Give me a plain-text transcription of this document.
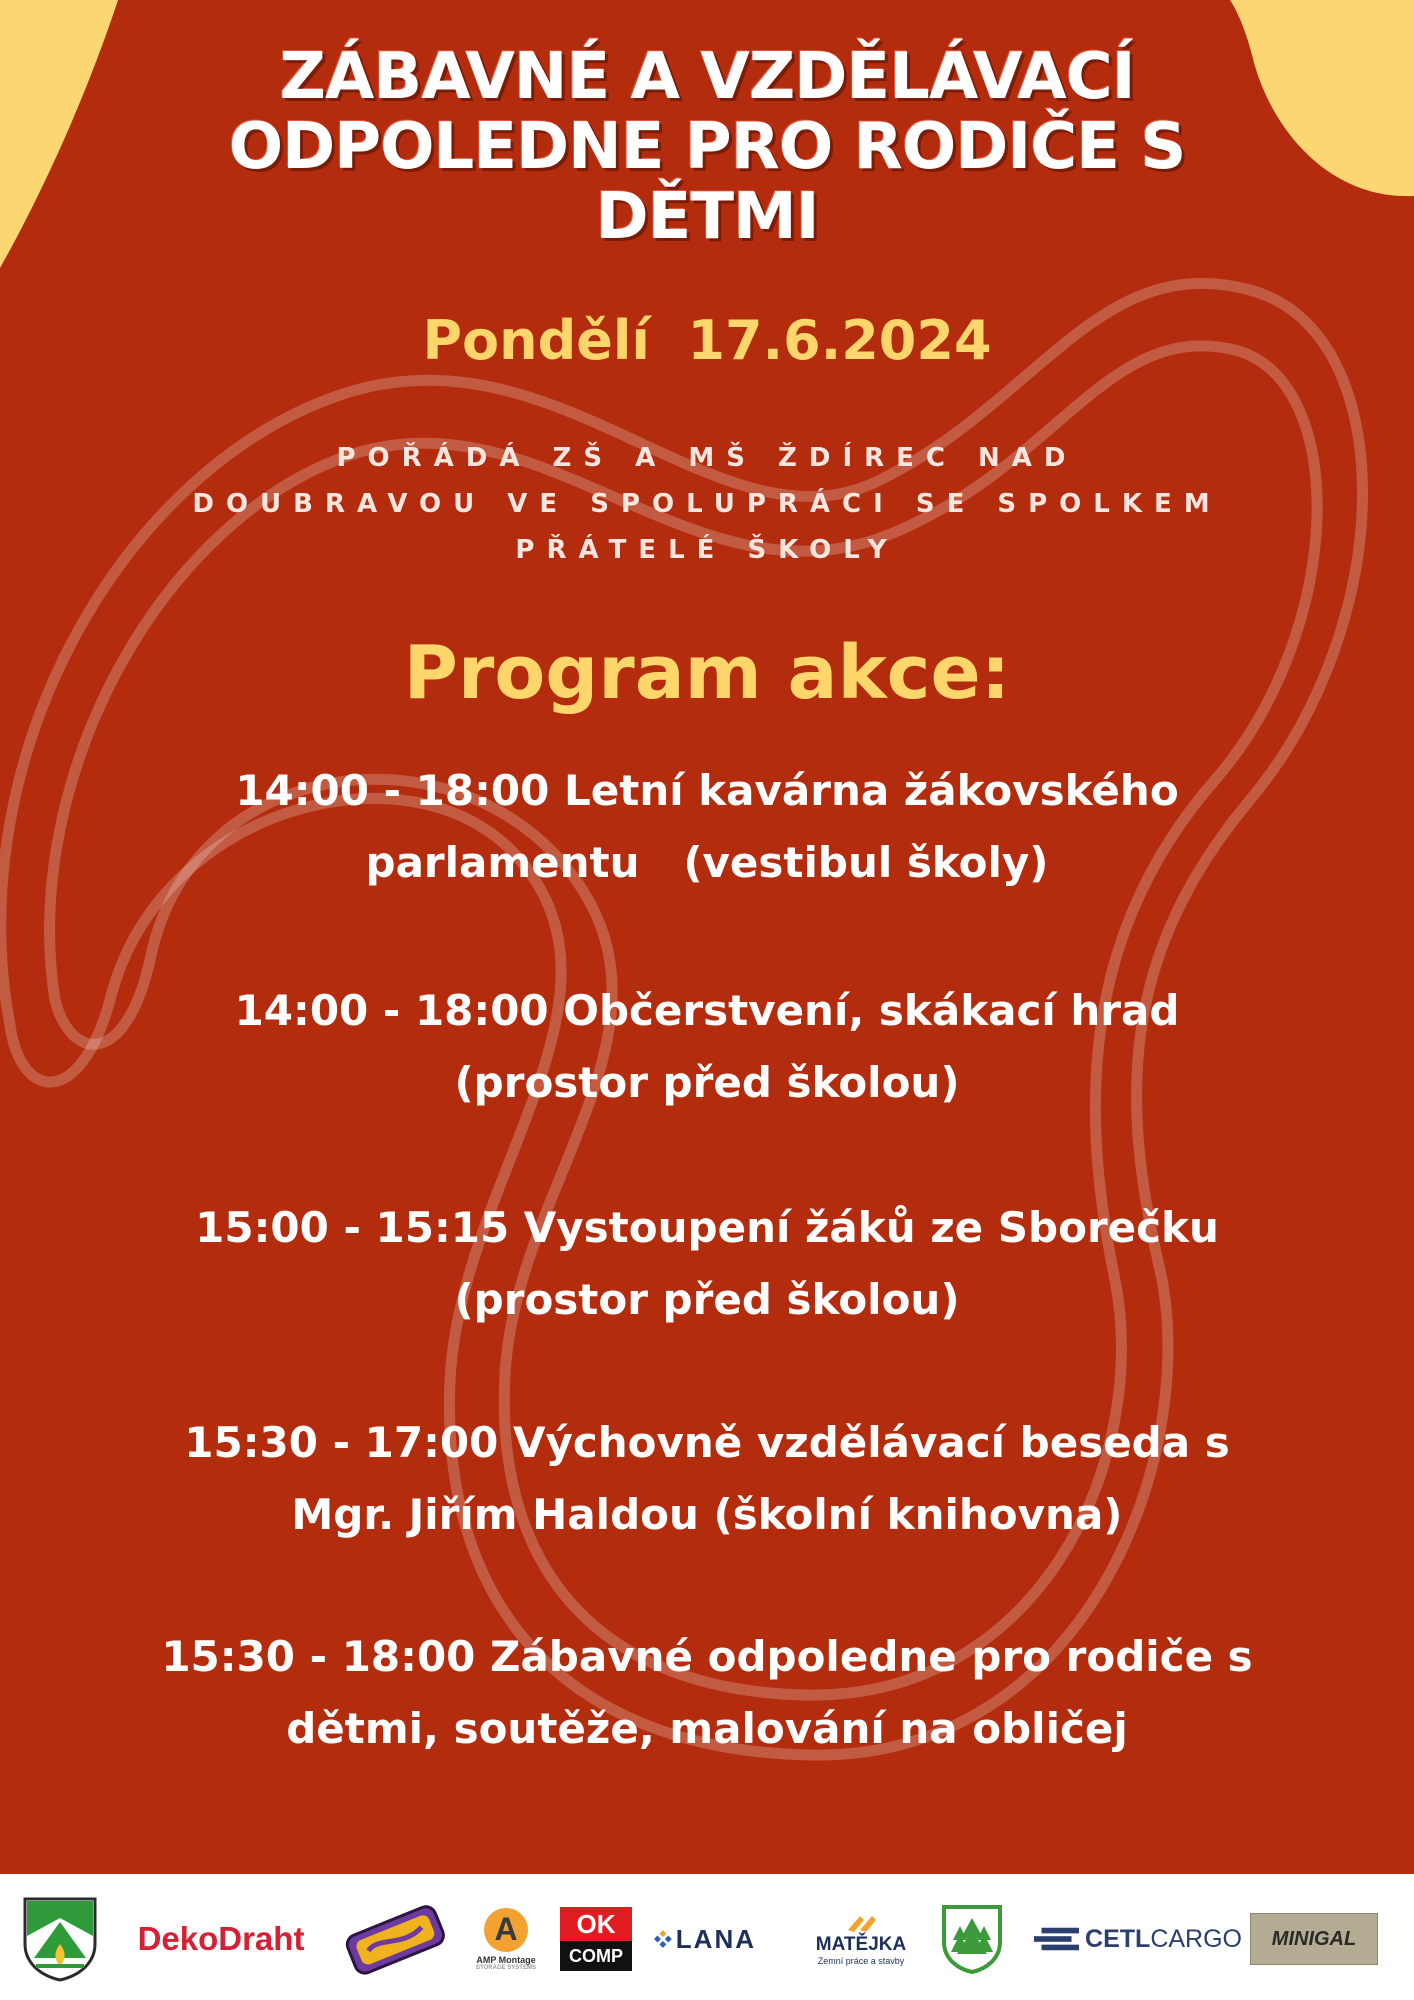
ZÁBAVNÉ A VZDĚLÁVACÍ
ODPOLEDNE PRO RODIČE S
DĚTMI
Pondělí  17.6.2024
POŘÁDÁ ZŠ A MŠ ŽDÍREC NAD
DOUBRAVOU VE SPOLUPRÁCI SE SPOLKEM
PŘÁTELÉ ŠKOLY
Program akce:
14:00 - 18:00 Letní kavárna žákovského
parlamentu   (vestibul školy)
14:00 - 18:00 Občerstvení, skákací hrad
(prostor před školou)
15:00 - 15:15 Vystoupení žáků ze Sborečku
(prostor před školou)
15:30 - 17:00 Výchovně vzdělávací beseda s
Mgr. Jiřím Haldou (školní knihovna)
15:30 - 18:00 Zábavné odpoledne pro rodiče s
dětmi, soutěže, malování na obličej
DekoDraht	A
AMP Montage
STORAGE SYSTEMS
OK
COMP
LANA	MATĚJKA
Zemní práce a stavby
CETL CARGO MINIGAL
